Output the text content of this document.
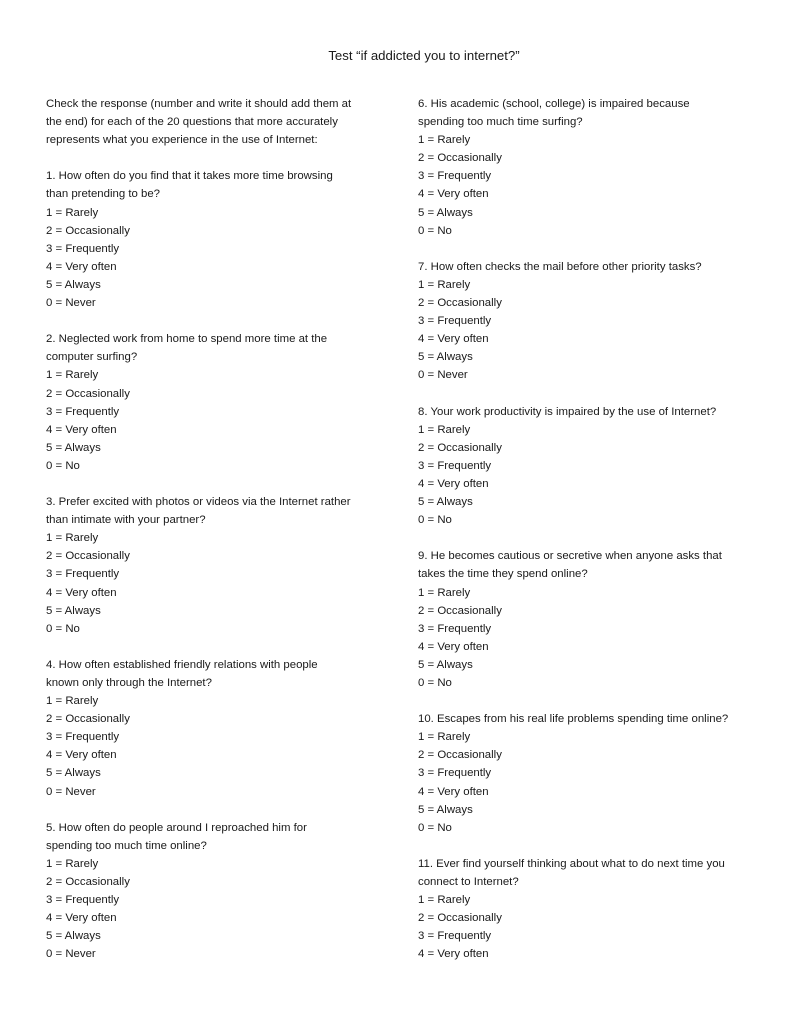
Test “if addicted you to internet?”
Check the response (number and write it should add them at
the end) for each of the 20 questions that more accurately
represents what you experience in the use of Internet:
1. How often do you find that it takes more time browsing
than pretending to be?
1 = Rarely
2 = Occasionally
3 = Frequently
4 = Very often
5 = Always
0 = Never
2. Neglected work from home to spend more time at the
computer surfing?
1 = Rarely
2 = Occasionally
3 = Frequently
4 = Very often
5 = Always
0 = No
3. Prefer excited with photos or videos via the Internet rather
than intimate with your partner?
1 = Rarely
2 = Occasionally
3 = Frequently
4 = Very often
5 = Always
0 = No
4. How often established friendly relations with people
known only through the Internet?
1 = Rarely
2 = Occasionally
3 = Frequently
4 = Very often
5 = Always
0 = Never
5. How often do people around I reproached him for
spending too much time online?
1 = Rarely
2 = Occasionally
3 = Frequently
4 = Very often
5 = Always
0 = Never
6. His academic (school, college) is impaired because
spending too much time surfing?
1 = Rarely
2 = Occasionally
3 = Frequently
4 = Very often
5 = Always
0 = No
7. How often checks the mail before other priority tasks?
1 = Rarely
2 = Occasionally
3 = Frequently
4 = Very often
5 = Always
0 = Never
8. Your work productivity is impaired by the use of Internet?
1 = Rarely
2 = Occasionally
3 = Frequently
4 = Very often
5 = Always
0 = No
9. He becomes cautious or secretive when anyone asks that
takes the time they spend online?
1 = Rarely
2 = Occasionally
3 = Frequently
4 = Very often
5 = Always
0 = No
10. Escapes from his real life problems spending time online?
1 = Rarely
2 = Occasionally
3 = Frequently
4 = Very often
5 = Always
0 = No
11. Ever find yourself thinking about what to do next time you
connect to Internet?
1 = Rarely
2 = Occasionally
3 = Frequently
4 = Very often
